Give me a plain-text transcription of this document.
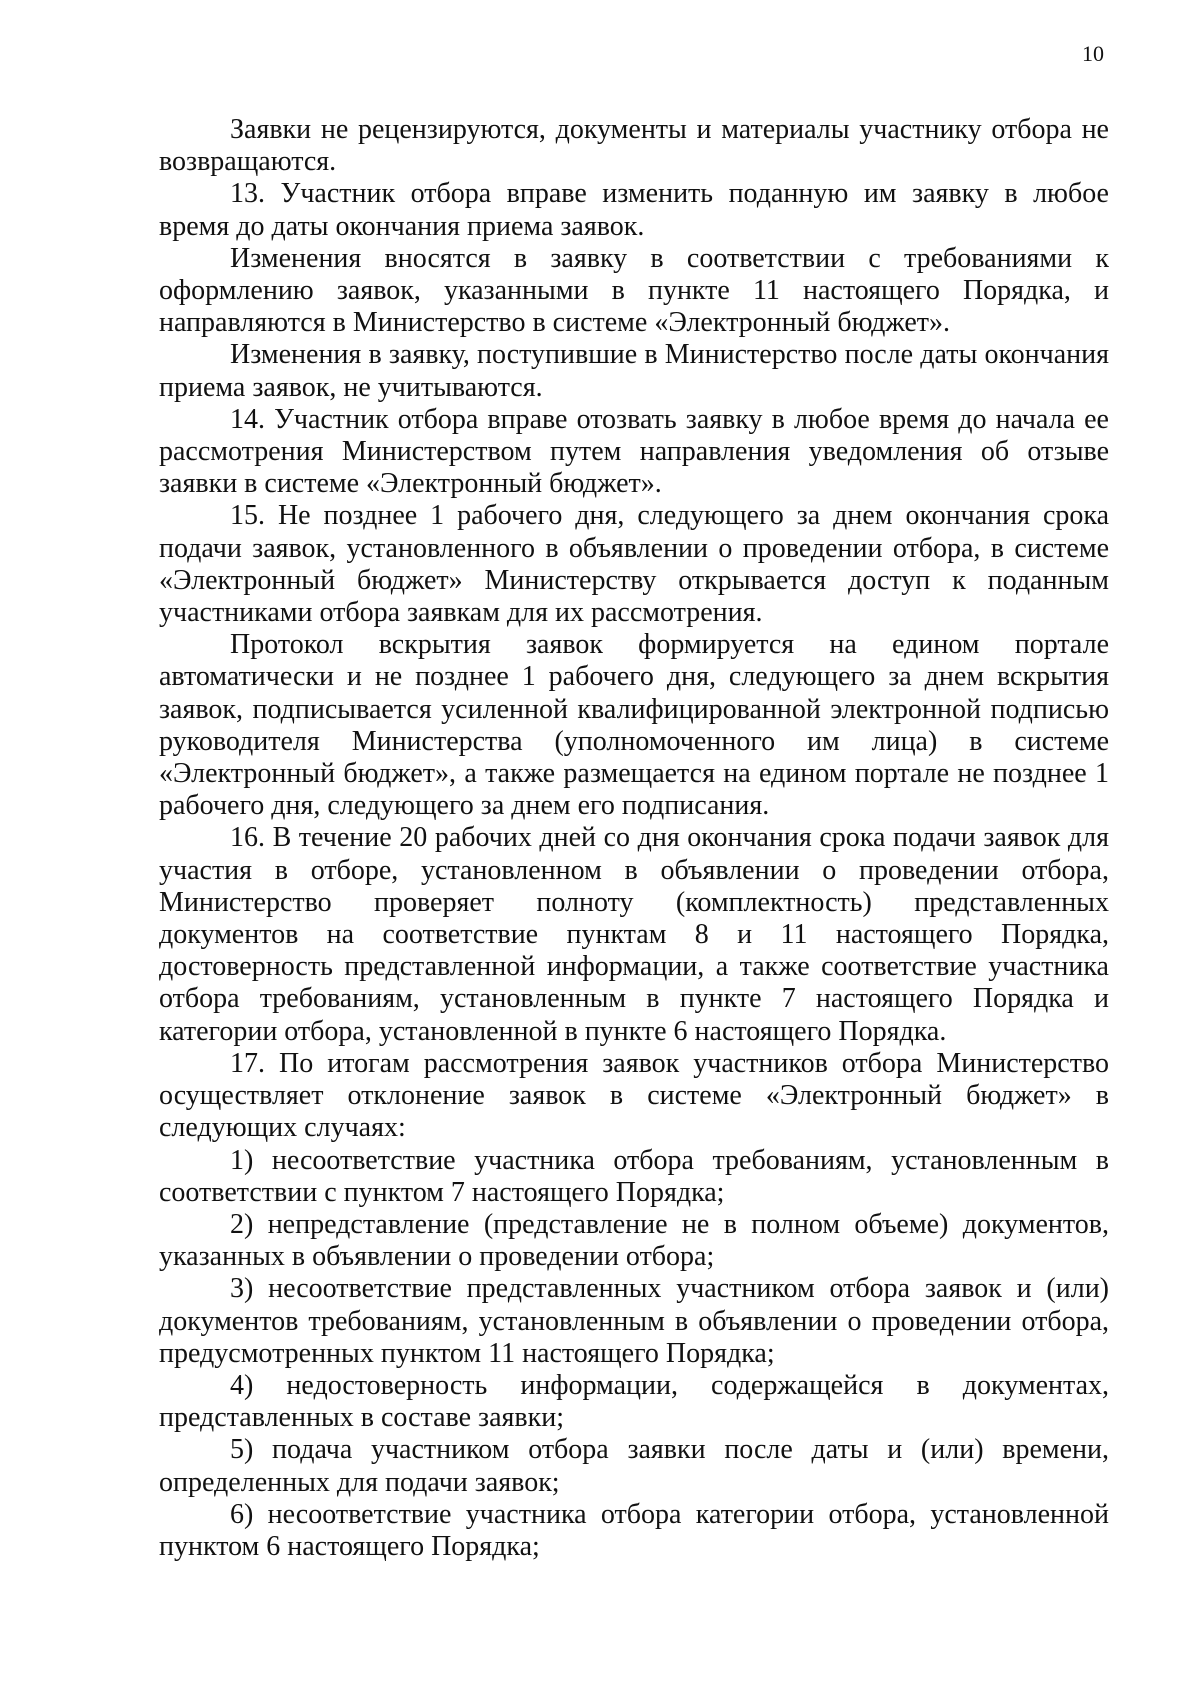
10

Заявки не рецензируются, документы и материалы участнику отбора не возвращаются.

13. Участник отбора вправе изменить поданную им заявку в любое время до даты окончания приема заявок.

Изменения вносятся в заявку в соответствии с требованиями к оформлению заявок, указанными в пункте 11 настоящего Порядка, и направляются в Министерство в системе «Электронный бюджет».

Изменения в заявку, поступившие в Министерство после даты окончания приема заявок, не учитываются.

14. Участник отбора вправе отозвать заявку в любое время до начала ее рассмотрения Министерством путем направления уведомления об отзыве заявки в системе «Электронный бюджет».

15. Не позднее 1 рабочего дня, следующего за днем окончания срока подачи заявок, установленного в объявлении о проведении отбора, в системе «Электронный бюджет» Министерству открывается доступ к поданным участниками отбора заявкам для их рассмотрения.

Протокол вскрытия заявок формируется на едином портале автоматически и не позднее 1 рабочего дня, следующего за днем вскрытия заявок, подписывается усиленной квалифицированной электронной подписью руководителя Министерства (уполномоченного им лица) в системе «Электронный бюджет», а также размещается на едином портале не позднее 1 рабочего дня, следующего за днем его подписания.

16. В течение 20 рабочих дней со дня окончания срока подачи заявок для участия в отборе, установленном в объявлении о проведении отбора, Министерство проверяет полноту (комплектность) представленных документов на соответствие пунктам 8 и 11 настоящего Порядка, достоверность представленной информации, а также соответствие участника отбора требованиям, установленным в пункте 7 настоящего Порядка и категории отбора, установленной в пункте 6 настоящего Порядка.

17. По итогам рассмотрения заявок участников отбора Министерство осуществляет отклонение заявок в системе «Электронный бюджет» в следующих случаях:

1) несоответствие участника отбора требованиям, установленным в соответствии с пунктом 7 настоящего Порядка;

2) непредставление (представление не в полном объеме) документов, указанных в объявлении о проведении отбора;

3) несоответствие представленных участником отбора заявок и (или) документов требованиям, установленным в объявлении о проведении отбора, предусмотренных пунктом 11 настоящего Порядка;

4) недостоверность информации, содержащейся в документах, представленных в составе заявки;

5) подача участником отбора заявки после даты и (или) времени, определенных для подачи заявок;

6) несоответствие участника отбора категории отбора, установленной пунктом 6 настоящего Порядка;
